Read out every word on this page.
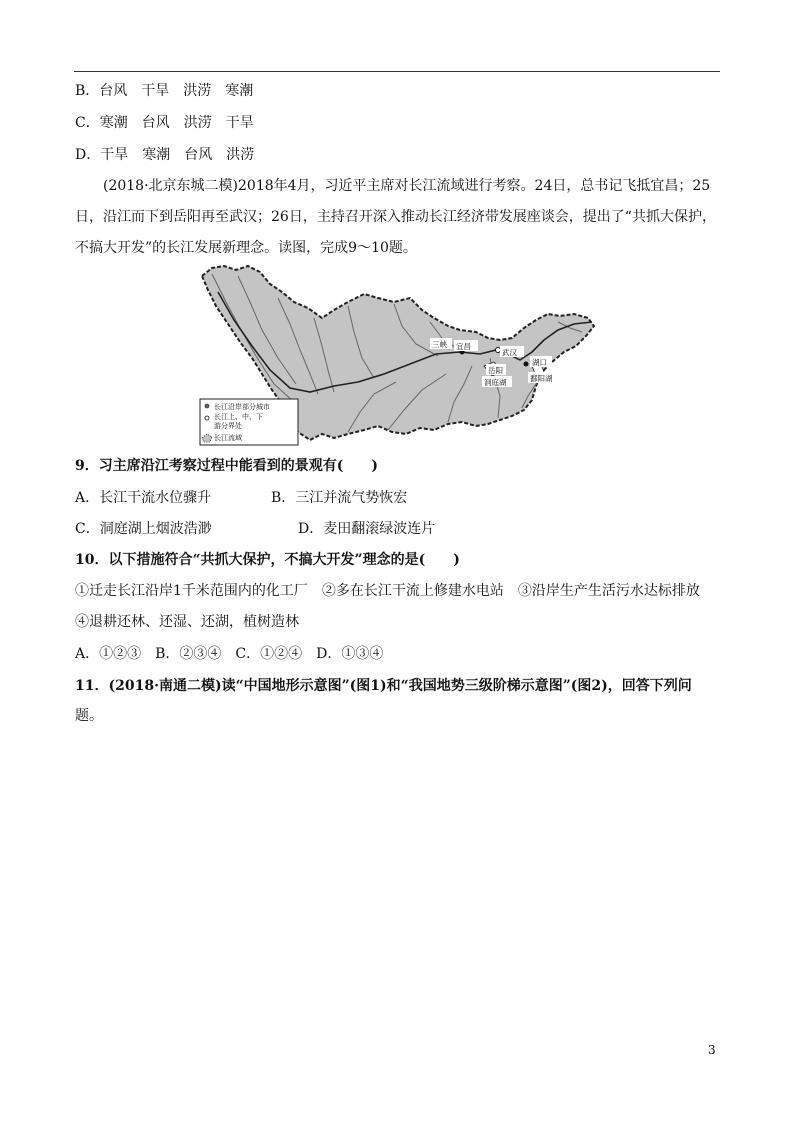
B．台风　干旱　洪涝　寒潮
C．寒潮　台风　洪涝　干旱
D．干旱　寒潮　台风　洪涝
(2018·北京东城二模)2018年4月，习近平主席对长江流域进行考察。24日，总书记飞抵宜昌；25
日，沿江而下到岳阳再至武汉；26日，主持召开深入推动长江经济带发展座谈会，提出了“共抓大保护，
不搞大开发”的长江发展新理念。读图，完成9～10题。
三峡 宜昌
武汉
岳阳
洞庭湖
湖口
鄱阳湖
长江沿岸部分城市
长江上、中、下
游分界处
长江流域
9．习主席沿江考察过程中能看到的景观有(　　)
A．长江干流水位骤升	B．三江并流气势恢宏
C．洞庭湖上烟波浩渺	D．麦田翻滚绿波连片
10．以下措施符合“共抓大保护，不搞大开发”理念的是(　　)
①迁走长江沿岸1千米范围内的化工厂　②多在长江干流上修建水电站　③沿岸生产生活污水达标排放
④退耕还林、还湿、还湖，植树造林
A．①②③　B．②③④　C．①②④　D．①③④
11．(2018·南通二模)读“中国地形示意图”(图1)和“我国地势三级阶梯示意图”(图2)，回答下列问
题。
3
